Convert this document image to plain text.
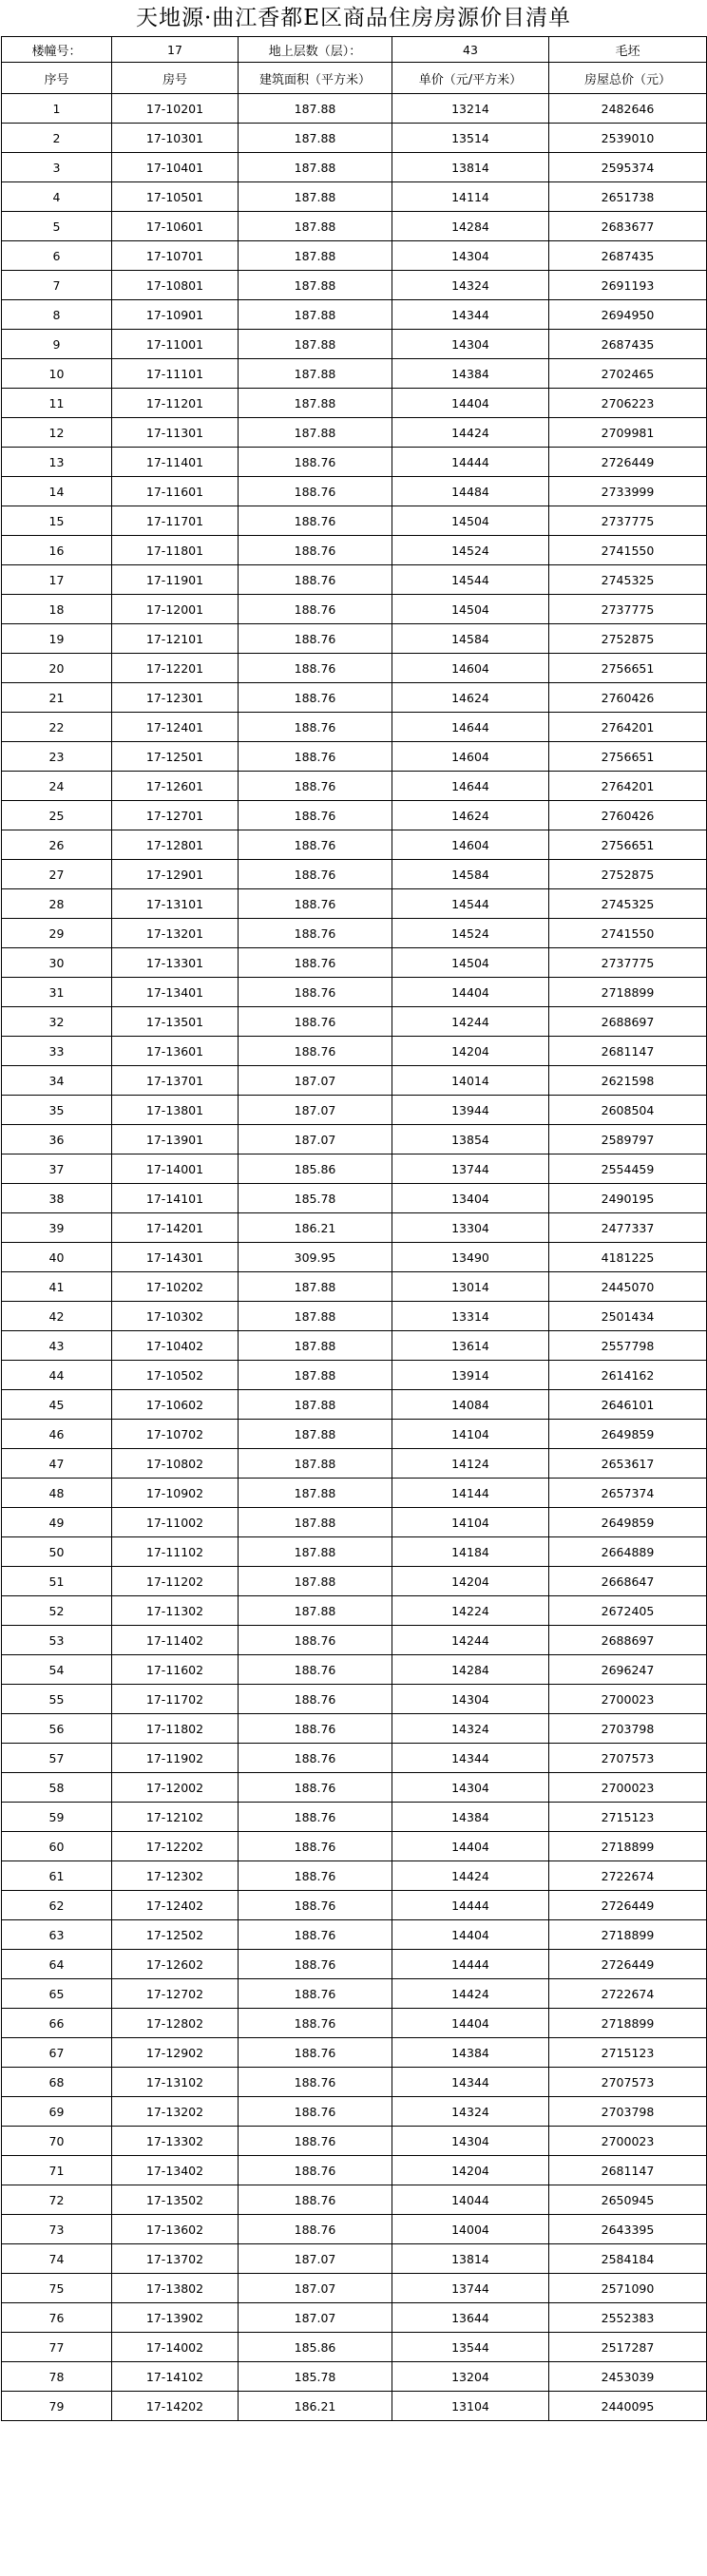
天地源·曲江香都E区商品住房房源价目清单
楼幢号：	17	地上层数（层）：	43	毛坯
序号	房号	建筑面积（平方米）	单价（元/平方米）	房屋总价（元）
1	17-10201	187.88	13214	2482646
2	17-10301	187.88	13514	2539010
3	17-10401	187.88	13814	2595374
4	17-10501	187.88	14114	2651738
5	17-10601	187.88	14284	2683677
6	17-10701	187.88	14304	2687435
7	17-10801	187.88	14324	2691193
8	17-10901	187.88	14344	2694950
9	17-11001	187.88	14304	2687435
10	17-11101	187.88	14384	2702465
11	17-11201	187.88	14404	2706223
12	17-11301	187.88	14424	2709981
13	17-11401	188.76	14444	2726449
14	17-11601	188.76	14484	2733999
15	17-11701	188.76	14504	2737775
16	17-11801	188.76	14524	2741550
17	17-11901	188.76	14544	2745325
18	17-12001	188.76	14504	2737775
19	17-12101	188.76	14584	2752875
20	17-12201	188.76	14604	2756651
21	17-12301	188.76	14624	2760426
22	17-12401	188.76	14644	2764201
23	17-12501	188.76	14604	2756651
24	17-12601	188.76	14644	2764201
25	17-12701	188.76	14624	2760426
26	17-12801	188.76	14604	2756651
27	17-12901	188.76	14584	2752875
28	17-13101	188.76	14544	2745325
29	17-13201	188.76	14524	2741550
30	17-13301	188.76	14504	2737775
31	17-13401	188.76	14404	2718899
32	17-13501	188.76	14244	2688697
33	17-13601	188.76	14204	2681147
34	17-13701	187.07	14014	2621598
35	17-13801	187.07	13944	2608504
36	17-13901	187.07	13854	2589797
37	17-14001	185.86	13744	2554459
38	17-14101	185.78	13404	2490195
39	17-14201	186.21	13304	2477337
40	17-14301	309.95	13490	4181225
41	17-10202	187.88	13014	2445070
42	17-10302	187.88	13314	2501434
43	17-10402	187.88	13614	2557798
44	17-10502	187.88	13914	2614162
45	17-10602	187.88	14084	2646101
46	17-10702	187.88	14104	2649859
47	17-10802	187.88	14124	2653617
48	17-10902	187.88	14144	2657374
49	17-11002	187.88	14104	2649859
50	17-11102	187.88	14184	2664889
51	17-11202	187.88	14204	2668647
52	17-11302	187.88	14224	2672405
53	17-11402	188.76	14244	2688697
54	17-11602	188.76	14284	2696247
55	17-11702	188.76	14304	2700023
56	17-11802	188.76	14324	2703798
57	17-11902	188.76	14344	2707573
58	17-12002	188.76	14304	2700023
59	17-12102	188.76	14384	2715123
60	17-12202	188.76	14404	2718899
61	17-12302	188.76	14424	2722674
62	17-12402	188.76	14444	2726449
63	17-12502	188.76	14404	2718899
64	17-12602	188.76	14444	2726449
65	17-12702	188.76	14424	2722674
66	17-12802	188.76	14404	2718899
67	17-12902	188.76	14384	2715123
68	17-13102	188.76	14344	2707573
69	17-13202	188.76	14324	2703798
70	17-13302	188.76	14304	2700023
71	17-13402	188.76	14204	2681147
72	17-13502	188.76	14044	2650945
73	17-13602	188.76	14004	2643395
74	17-13702	187.07	13814	2584184
75	17-13802	187.07	13744	2571090
76	17-13902	187.07	13644	2552383
77	17-14002	185.86	13544	2517287
78	17-14102	185.78	13204	2453039
79	17-14202	186.21	13104	2440095
